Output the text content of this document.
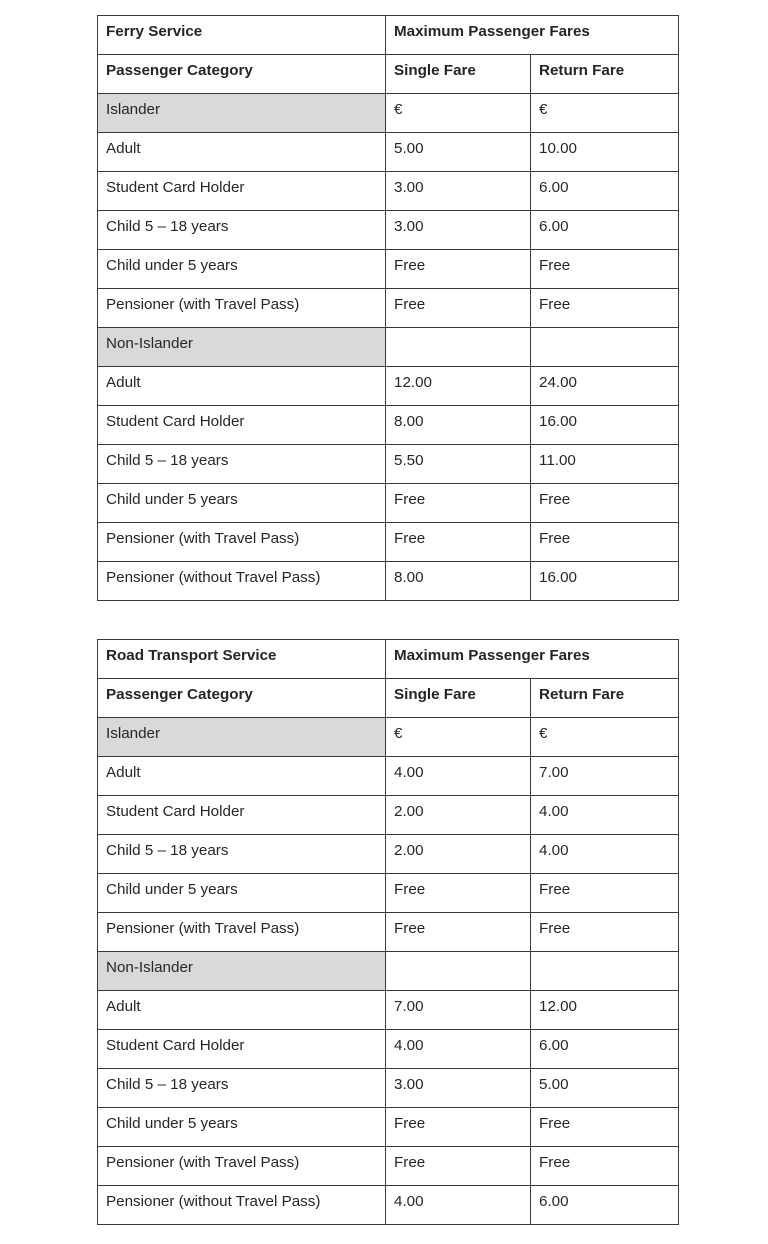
Ferry Service	Maximum Passenger Fares	
Passenger Category	Single Fare	Return Fare
Islander	€	€
Adult	5.00	10.00
Student Card Holder	3.00	6.00
Child 5 – 18 years	3.00	6.00
Child under 5 years	Free	Free
Pensioner (with Travel Pass)	Free	Free
Non-Islander		
Adult	12.00	24.00
Student Card Holder	8.00	16.00
Child 5 – 18 years	5.50	11.00
Child under 5 years	Free	Free
Pensioner (with Travel Pass)	Free	Free
Pensioner (without Travel Pass)	8.00	16.00
Road Transport Service	Maximum Passenger Fares	
Passenger Category	Single Fare	Return Fare
Islander	€	€
Adult	4.00	7.00
Student Card Holder	2.00	4.00
Child 5 – 18 years	2.00	4.00
Child under 5 years	Free	Free
Pensioner (with Travel Pass)	Free	Free
Non-Islander		
Adult	7.00	12.00
Student Card Holder	4.00	6.00
Child 5 – 18 years	3.00	5.00
Child under 5 years	Free	Free
Pensioner (with Travel Pass)	Free	Free
Pensioner (without Travel Pass)	4.00	6.00
